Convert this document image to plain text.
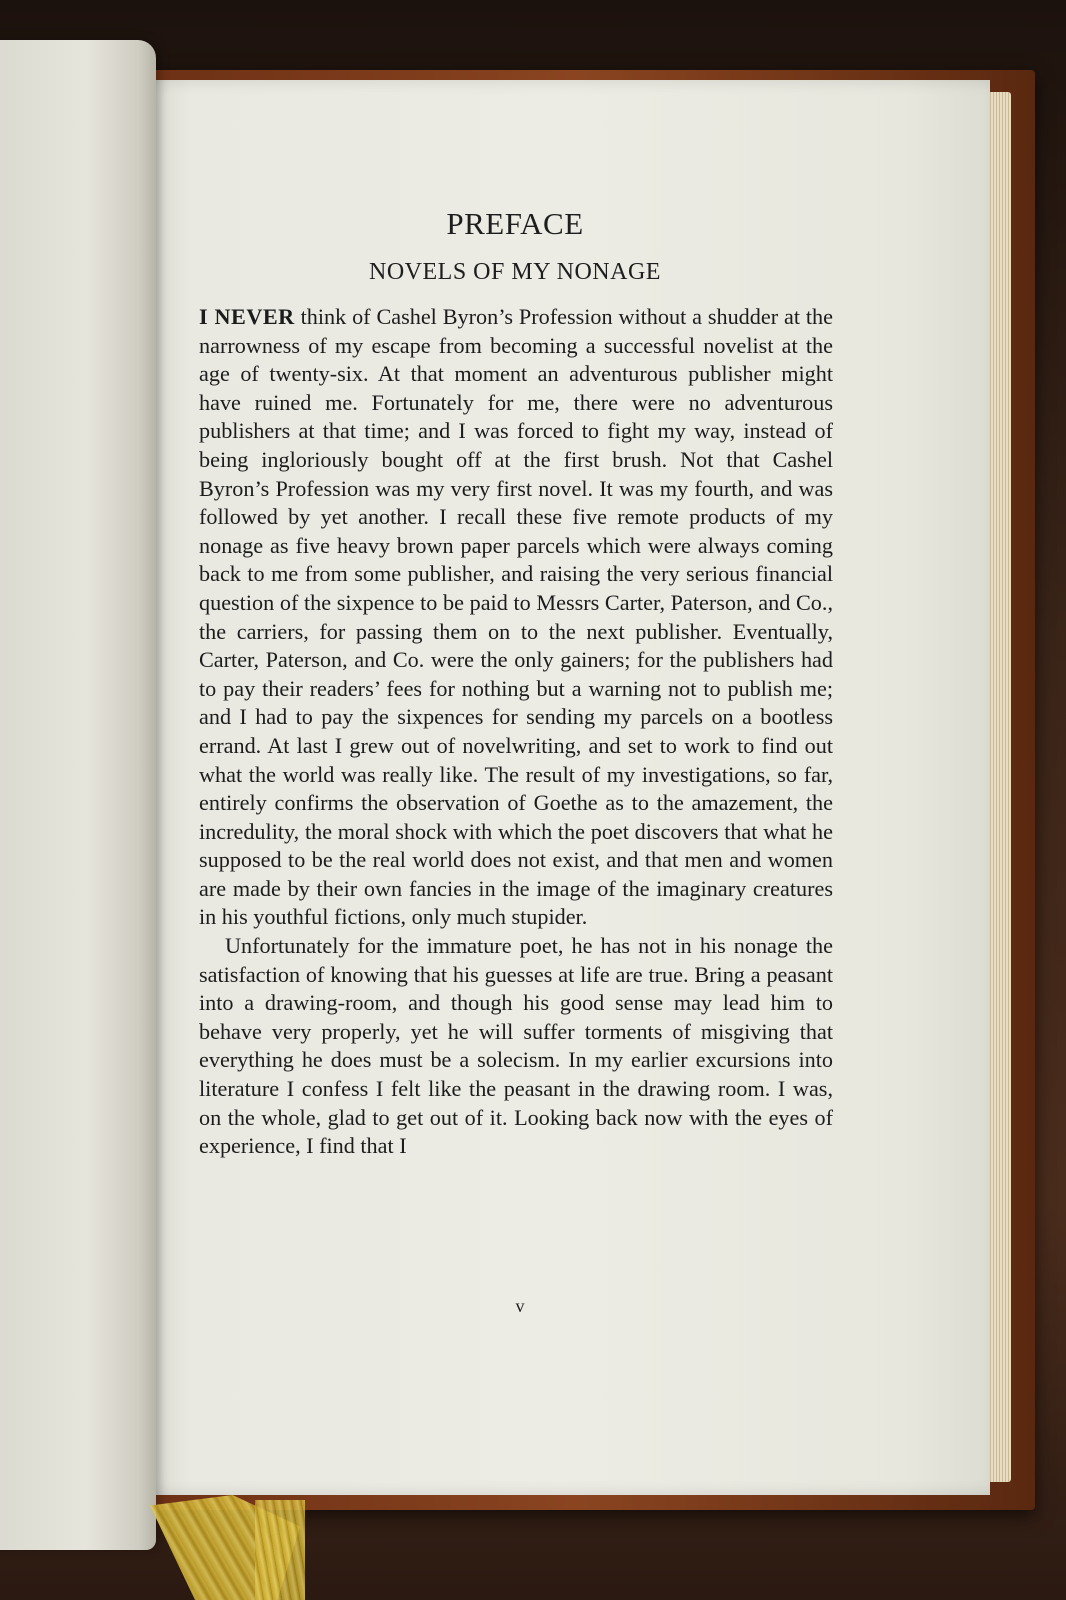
PREFACE
NOVELS OF MY NONAGE

I NEVER think of Cashel Byron’s Profession without a shudder at the narrowness of my escape from becoming a successful novelist at the age of twenty-six. At that moment an adventurous publisher might have ruined me. Fortunately for me, there were no adventurous publishers at that time; and I was forced to fight my way, instead of being ingloriously bought off at the first brush. Not that Cashel Byron’s Profession was my very first novel. It was my fourth, and was followed by yet another. I recall these five remote products of my nonage as five heavy brown paper parcels which were always coming back to me from some publisher, and raising the very serious financial question of the sixpence to be paid to Messrs Carter, Paterson, and Co., the carriers, for passing them on to the next publisher. Eventually, Carter, Paterson, and Co. were the only gainers; for the publishers had to pay their readers’ fees for nothing but a warning not to publish me; and I had to pay the sixpences for sending my parcels on a bootless errand. At last I grew out of novelwriting, and set to work to find out what the world was really like. The result of my investigations, so far, entirely confirms the observation of Goethe as to the amazement, the incredulity, the moral shock with which the poet discovers that what he supposed to be the real world does not exist, and that men and women are made by their own fancies in the image of the imaginary creatures in his youthful fictions, only much stupider.

Unfortunately for the immature poet, he has not in his nonage the satisfaction of knowing that his guesses at life are true. Bring a peasant into a drawing-room, and though his good sense may lead him to behave very properly, yet he will suffer torments of misgiving that everything he does must be a solecism. In my earlier excursions into literature I confess I felt like the peasant in the drawing room. I was, on the whole, glad to get out of it. Looking back now with the eyes of experience, I find that I

v
